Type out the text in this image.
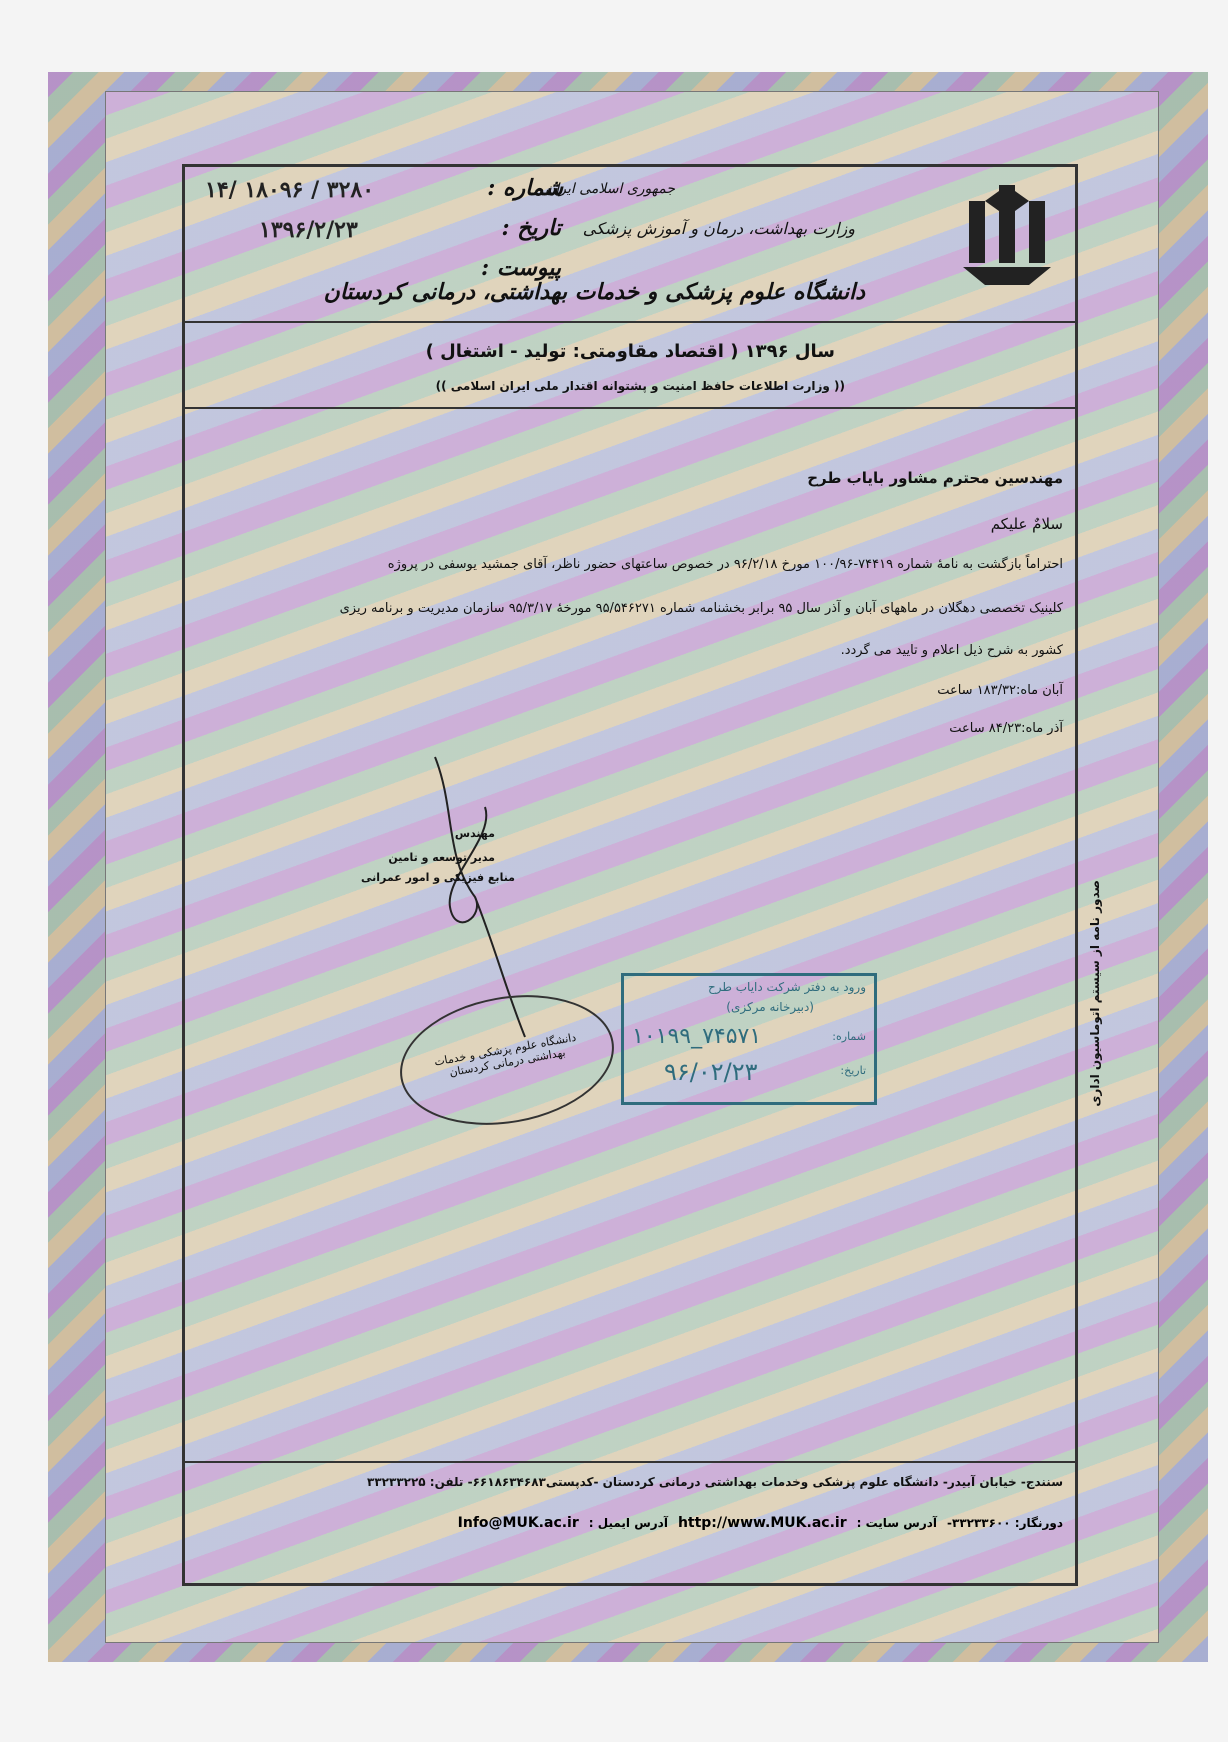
جمهوری اسلامی ایران
وزارت بهداشت، درمان و آموزش پزشکی
دانشگاه علوم پزشکی و خدمات بهداشتی، درمانی کردستان
شماره :
۱۴/ ۱۸۰۹۶ / ۳۲۸۰
تاریخ :
۱۳۹۶/۲/۲۳
پیوست :
سال ۱۳۹۶ ( اقتصاد مقاومتی: تولید - اشتغال )
(( وزارت اطلاعات حافظ امنیت و پشتوانه اقتدار ملی ایران اسلامی ))
مهندسین محترم مشاور بایاب طرح
سلامٌ علیکم
احتراماً بازگشت به نامهٔ شماره ۷۴۴۱۹-۱۰۰/۹۶ مورخ ۹۶/۲/۱۸ در خصوص ساعتهای حضور ناظر، آقای جمشید یوسفی در پروژه
کلینیک تخصصی دهگلان در ماههای آبان و آذر سال ۹۵ برابر بخشنامه شماره ۹۵/۵۴۶۲۷۱ مورخهٔ ۹۵/۳/۱۷ سازمان مدیریت و برنامه ریزی
کشور به شرح ذیل اعلام و تایید می گردد.
آبان ماه:۱۸۳/۳۲ ساعت
آذر ماه:۸۴/۲۳ ساعت
مهندس
مدیر توسعه و تامین
منابع فیزیکی و امور عمرانی
دانشگاه علوم پزشکی و خدمات بهداشتی درمانی کردستان
ورود به دفتر شرکت دایاب طرح
(دبیرخانه مرکزی)
شماره:
۱۰۱۹۹_۷۴۵۷۱
تاریخ:
۹۶/۰۲/۲۳
سنندج- خیابان آبیدر- دانشگاه علوم پزشکی وخدمات بهداشتی درمانی کردستان -کدپستی۶۶۱۸۶۳۴۶۸۳- تلفن: ۳۳۲۳۳۲۲۵
دورنگار: ۳۳۲۳۳۶۰۰-
آدرس سایت :
http://www.MUK.ac.ir
آدرس ایمیل :
Info@MUK.ac.ir
صدور نامه از سیستم اتوماسیون اداری
